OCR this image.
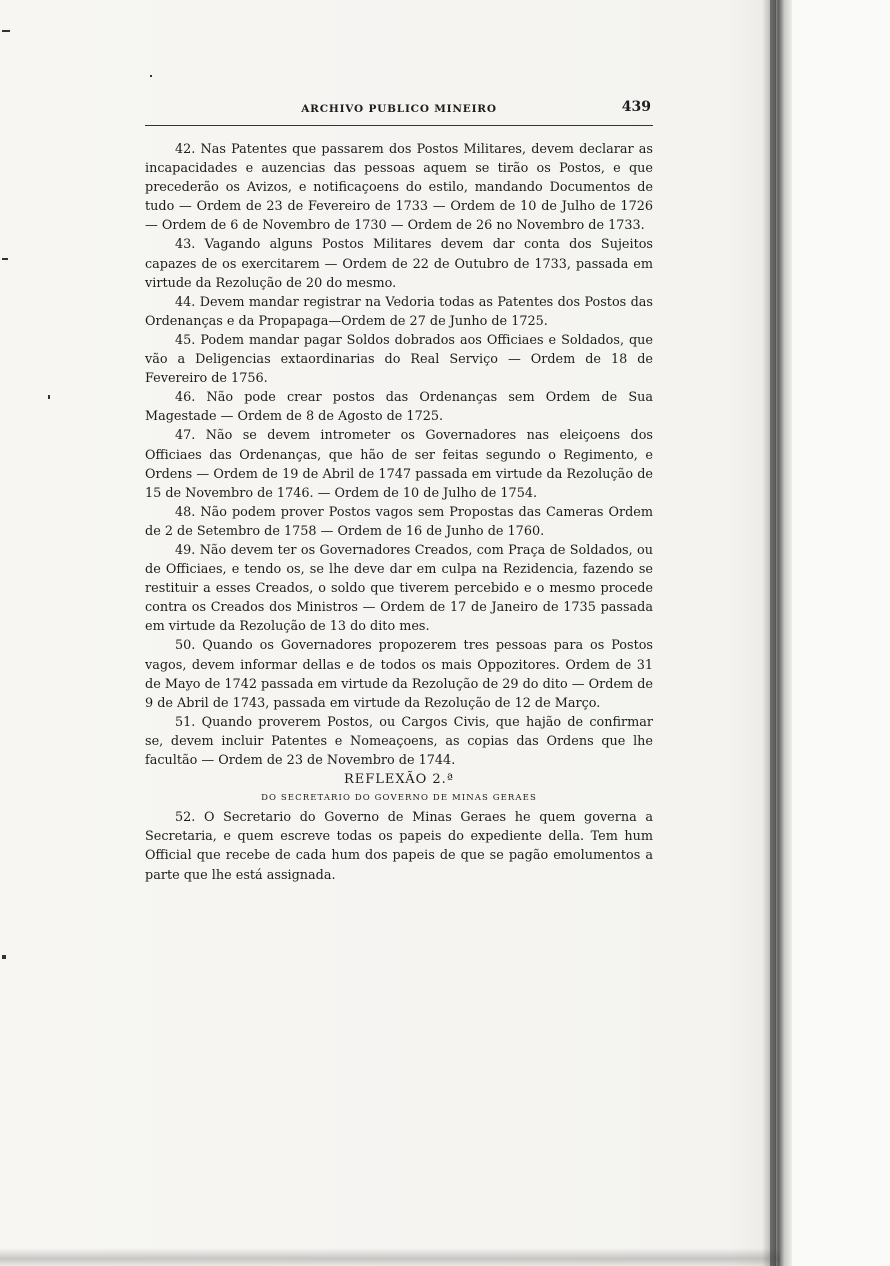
ARCHIVO PUBLICO MINEIRO	439

42. Nas Patentes que passarem dos Postos Militares, devem declarar as incapacidades e auzencias das pessoas aquem se tirão os Postos, e que precederão os Avizos, e notificaçoens do estilo, mandando Documentos de tudo — Ordem de 23 de Fevereiro de 1733 — Ordem de 10 de Julho de 1726 — Ordem de 6 de Novembro de 1730 — Ordem de 26 no Novembro de 1733.

43. Vagando alguns Postos Militares devem dar conta dos Sujeitos capazes de os exercitarem — Ordem de 22 de Outubro de 1733, passada em virtude da Rezolução de 20 do mesmo.

44. Devem mandar registrar na Vedoria todas as Patentes dos Postos das Ordenanças e da Propapaga—Ordem de 27 de Junho de 1725.

45. Podem mandar pagar Soldos dobrados aos Officiaes e Soldados, que vão a Deligencias extaordinarias do Real Serviço — Ordem de 18 de Fevereiro de 1756.

46. Não pode crear postos das Ordenanças sem Ordem de Sua Magestade — Ordem de 8 de Agosto de 1725.

47. Não se devem intrometer os Governadores nas eleiçoens dos Officiaes das Ordenanças, que hão de ser feitas segundo o Regimento, e Ordens — Ordem de 19 de Abril de 1747 passada em virtude da Rezolução de 15 de Novembro de 1746. — Ordem de 10 de Julho de 1754.

48. Não podem prover Postos vagos sem Propostas das Cameras Ordem de 2 de Setembro de 1758 — Ordem de 16 de Junho de 1760.

49. Não devem ter os Governadores Creados, com Praça de Soldados, ou de Officiaes, e tendo os, se lhe deve dar em culpa na Rezidencia, fazendo se restituir a esses Creados, o soldo que tiverem percebido e o mesmo procede contra os Creados dos Ministros — Ordem de 17 de Janeiro de 1735 passada em virtude da Rezolução de 13 do dito mes.

50. Quando os Governadores propozerem tres pessoas para os Postos vagos, devem informar dellas e de todos os mais Oppozitores. Ordem de 31 de Mayo de 1742 passada em virtude da Rezolução de 29 do dito — Ordem de 9 de Abril de 1743, passada em virtude da Rezolução de 12 de Março.

51. Quando proverem Postos, ou Cargos Civis, que hajão de confirmar se, devem incluir Patentes e Nomeaçoens, as copias das Ordens que lhe facultão — Ordem de 23 de Novembro de 1744.

REFLEXÃO 2.ª

DO SECRETARIO DO GOVERNO DE MINAS GERAES

52. O Secretario do Governo de Minas Geraes he quem governa a Secretaria, e quem escreve todas os papeis do expediente della. Tem hum Official que recebe de cada hum dos papeis de que se pagão emolumentos a parte que lhe está assignada.
